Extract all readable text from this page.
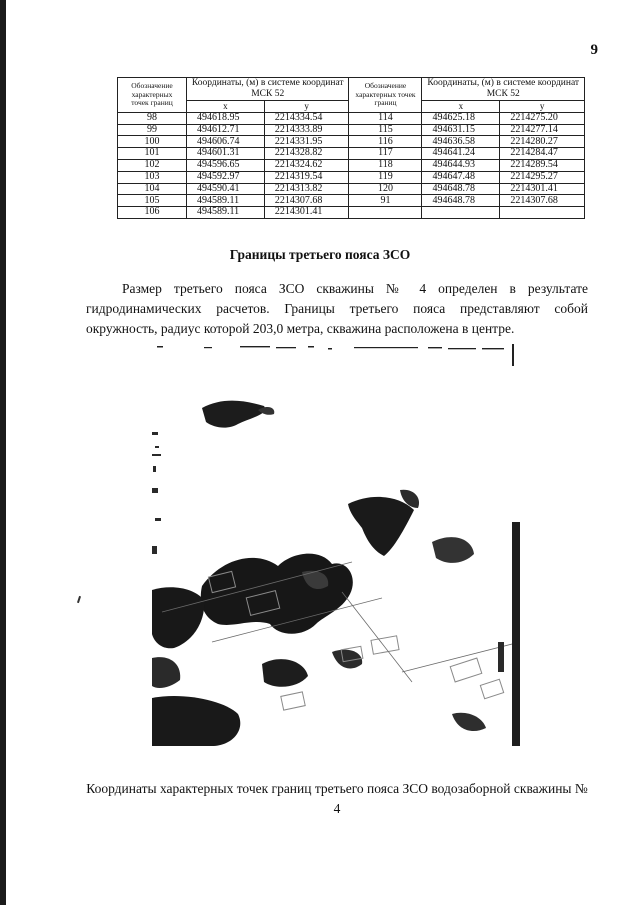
9
Обозначение характерных точек границ	Координаты, (м) в системе координат МСК 52		Обозначение характерных точек границ	Координаты, (м) в системе координат МСК 52	
	х	у		х	у
98	494618.95	2214334.54	114	494625.18	2214275.20
99	494612.71	2214333.89	115	494631.15	2214277.14
100	494606.74	2214331.95	116	494636.58	2214280.27
101	494601.31	2214328.82	117	494641.24	2214284.47
102	494596.65	2214324.62	118	494644.93	2214289.54
103	494592.97	2214319.54	119	494647.48	2214295.27
104	494590.41	2214313.82	120	494648.78	2214301.41
105	494589.11	2214307.68	91	494648.78	2214307.68
106	494589.11	2214301.41			
Границы третьего пояса ЗСО

Размер третьего пояса ЗСО скважины № 4 определен в результате гидродинамических расчетов. Границы третьего пояса представляют собой окружность, радиус которой 203,0 метра, скважина расположена в центре.

Координаты характерных точек границ третьего пояса ЗСО водозаборной скважины № 4
